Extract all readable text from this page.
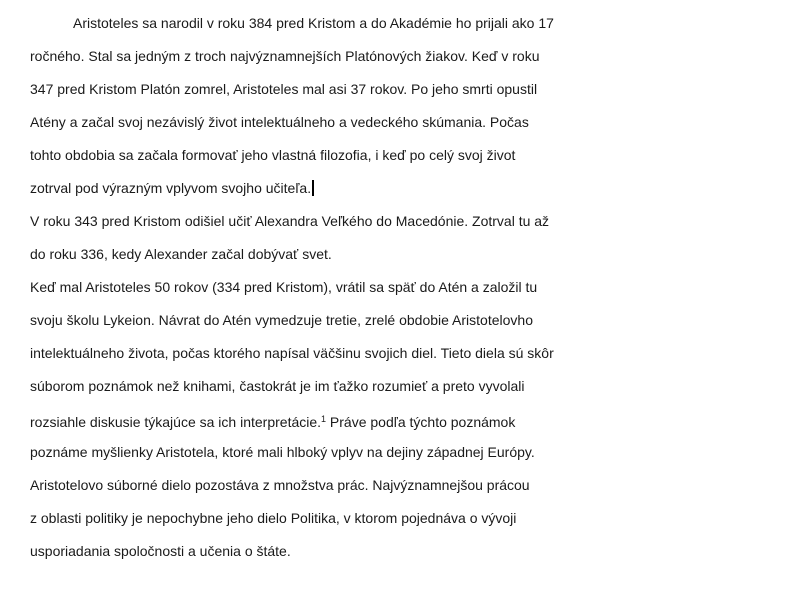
Aristoteles sa narodil v roku 384 pred Kristom a do Akadémie ho prijali ako 17
ročného. Stal sa jedným z troch najvýznamnejších Platónových žiakov. Keď v roku
347 pred Kristom Platón zomrel, Aristoteles mal asi 37 rokov. Po jeho smrti opustil
Atény a začal svoj nezávislý život intelektuálneho a vedeckého skúmania. Počas
tohto obdobia sa začala formovať jeho vlastná filozofia, i keď po celý svoj život
zotrval pod výrazným vplyvom svojho učiteľa.
V roku 343 pred Kristom odišiel učiť Alexandra Veľkého do Macedónie. Zotrval tu až
do roku 336, kedy Alexander začal dobývať svet.
Keď mal Aristoteles 50 rokov (334 pred Kristom), vrátil sa späť do Atén a založil tu
svoju školu Lykeion. Návrat do Atén vymedzuje tretie, zrelé obdobie Aristotelovho
intelektuálneho života, počas ktorého napísal väčšinu svojich diel. Tieto diela sú skôr
súborom poznámok než knihami, častokrát je im ťažko rozumieť a preto vyvolali
rozsiahle diskusie týkajúce sa ich interpretácie.$^1$ Práve podľa týchto poznámok
poznáme myšlienky Aristotela, ktoré mali hlboký vplyv na dejiny západnej Európy.
Aristotelovo súborné dielo pozostáva z množstva prác. Najvýznamnejšou prácou
z oblasti politiky je nepochybne jeho dielo Politika, v ktorom pojednáva o vývoji
usporiadania spoločnosti a učenia o štáte.
